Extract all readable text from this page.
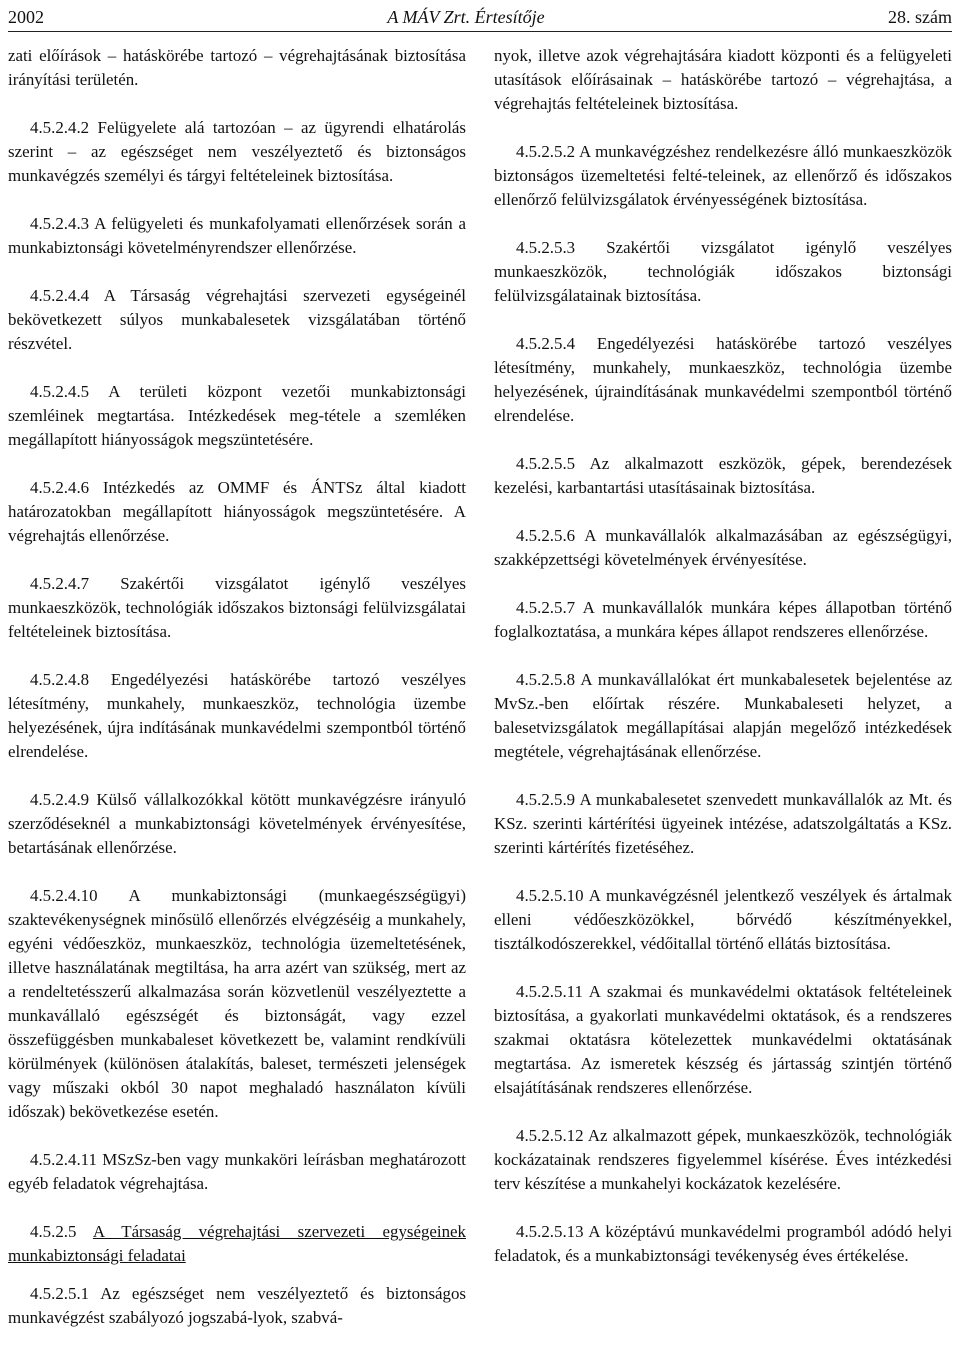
2002	A MÁV Zrt. Értesítője	28. szám

zati előírások – hatáskörébe tartozó – végrehajtásának biztosítása irányítási területén.

4.5.2.4.2 Felügyelete alá tartozóan – az ügyrendi elhatárolás szerint – az egészséget nem veszélyeztető és biztonságos munkavégzés személyi és tárgyi feltételeinek biztosítása.

4.5.2.4.3 A felügyeleti és munkafolyamati ellenőrzések során a munkabiztonsági követelményrendszer ellenőrzése.

4.5.2.4.4 A Társaság végrehajtási szervezeti egységeinél bekövetkezett súlyos munkabalesetek vizsgálatában történő részvétel.

4.5.2.4.5 A területi központ vezetői munkabiztonsági szemléinek megtartása. Intézkedések meg-tétele a szemléken megállapított hiányosságok megszüntetésére.

4.5.2.4.6 Intézkedés az OMMF és ÁNTSz által kiadott határozatokban megállapított hiányosságok megszüntetésére. A végrehajtás ellenőrzése.

4.5.2.4.7 Szakértői vizsgálatot igénylő veszélyes munkaeszközök, technológiák időszakos biztonsági felülvizsgálatai feltételeinek biztosítása.

4.5.2.4.8 Engedélyezési hatáskörébe tartozó veszélyes létesítmény, munkahely, munkaeszköz, technológia üzembe helyezésének, újra indításának munkavédelmi szempontból történő elrendelése.

4.5.2.4.9 Külső vállalkozókkal kötött munkavégzésre irányuló szerződéseknél a munkabiztonsági követelmények érvényesítése, betartásának ellenőrzése.

4.5.2.4.10 A munkabiztonsági (munkaegészségügyi) szaktevékenységnek minősülő ellenőrzés elvégzéséig a munkahely, egyéni védőeszköz, munkaeszköz, technológia üzemeltetésének, illetve használatának megtiltása, ha arra azért van szükség, mert az a rendeltetésszerű alkalmazása során közvetlenül veszélyeztette a munkavállaló egészségét és biztonságát, vagy ezzel összefüggésben munkabaleset következett be, valamint rendkívüli körülmények (különösen átalakítás, baleset, természeti jelenségek vagy műszaki okból 30 napot meghaladó használaton kívüli időszak) bekövetkezése esetén.

4.5.2.4.11 MSzSz-ben vagy munkaköri leírásban meghatározott egyéb feladatok végrehajtása.

4.5.2.5 A Társaság végrehajtási szervezeti egységeinek munkabiztonsági feladatai

4.5.2.5.1 Az egészséget nem veszélyeztető és biztonságos munkavégzést szabályozó jogszabá-lyok, szabvá-

nyok, illetve azok végrehajtására kiadott központi és a felügyeleti utasítások előírásainak – hatáskörébe tartozó – végrehajtása, a végrehajtás feltételeinek biztosítása.

4.5.2.5.2 A munkavégzéshez rendelkezésre álló munkaeszközök biztonságos üzemeltetési felté-teleinek, az ellenőrző és időszakos ellenőrző felülvizsgálatok érvényességének biztosítása.

4.5.2.5.3 Szakértői vizsgálatot igénylő veszélyes munkaeszközök, technológiák időszakos biztonsági felülvizsgálatainak biztosítása.

4.5.2.5.4 Engedélyezési hatáskörébe tartozó veszélyes létesítmény, munkahely, munkaeszköz, technológia üzembe helyezésének, újraindításának munkavédelmi szempontból történő elrendelése.

4.5.2.5.5 Az alkalmazott eszközök, gépek, berendezések kezelési, karbantartási utasításainak biztosítása.

4.5.2.5.6 A munkavállalók alkalmazásában az egészségügyi, szakképzettségi követelmények érvényesítése.

4.5.2.5.7 A munkavállalók munkára képes állapotban történő foglalkoztatása, a munkára képes állapot rendszeres ellenőrzése.

4.5.2.5.8 A munkavállalókat ért munkabalesetek bejelentése az MvSz.-ben előírtak részére. Munkabaleseti helyzet, a balesetvizsgálatok megállapításai alapján megelőző intézkedések megtétele, végrehajtásának ellenőrzése.

4.5.2.5.9 A munkabalesetet szenvedett munkavállalók az Mt. és KSz. szerinti kártérítési ügyeinek intézése, adatszolgáltatás a KSz. szerinti kártérítés fizetéséhez.

4.5.2.5.10 A munkavégzésnél jelentkező veszélyek és ártalmak elleni védőeszközökkel, bőrvédő készítményekkel, tisztálkodószerekkel, védőitallal történő ellátás biztosítása.

4.5.2.5.11 A szakmai és munkavédelmi oktatások feltételeinek biztosítása, a gyakorlati munkavédelmi oktatások, és a rendszeres szakmai oktatásra kötelezettek munkavédelmi oktatásának megtartása. Az ismeretek készség és jártasság szintjén történő elsajátításának rendszeres ellenőrzése.

4.5.2.5.12 Az alkalmazott gépek, munkaeszközök, technológiák kockázatainak rendszeres figyelemmel kísérése. Éves intézkedési terv készítése a munkahelyi kockázatok kezelésére.

4.5.2.5.13 A középtávú munkavédelmi programból adódó helyi feladatok, és a munkabiztonsági tevékenység éves értékelése.
